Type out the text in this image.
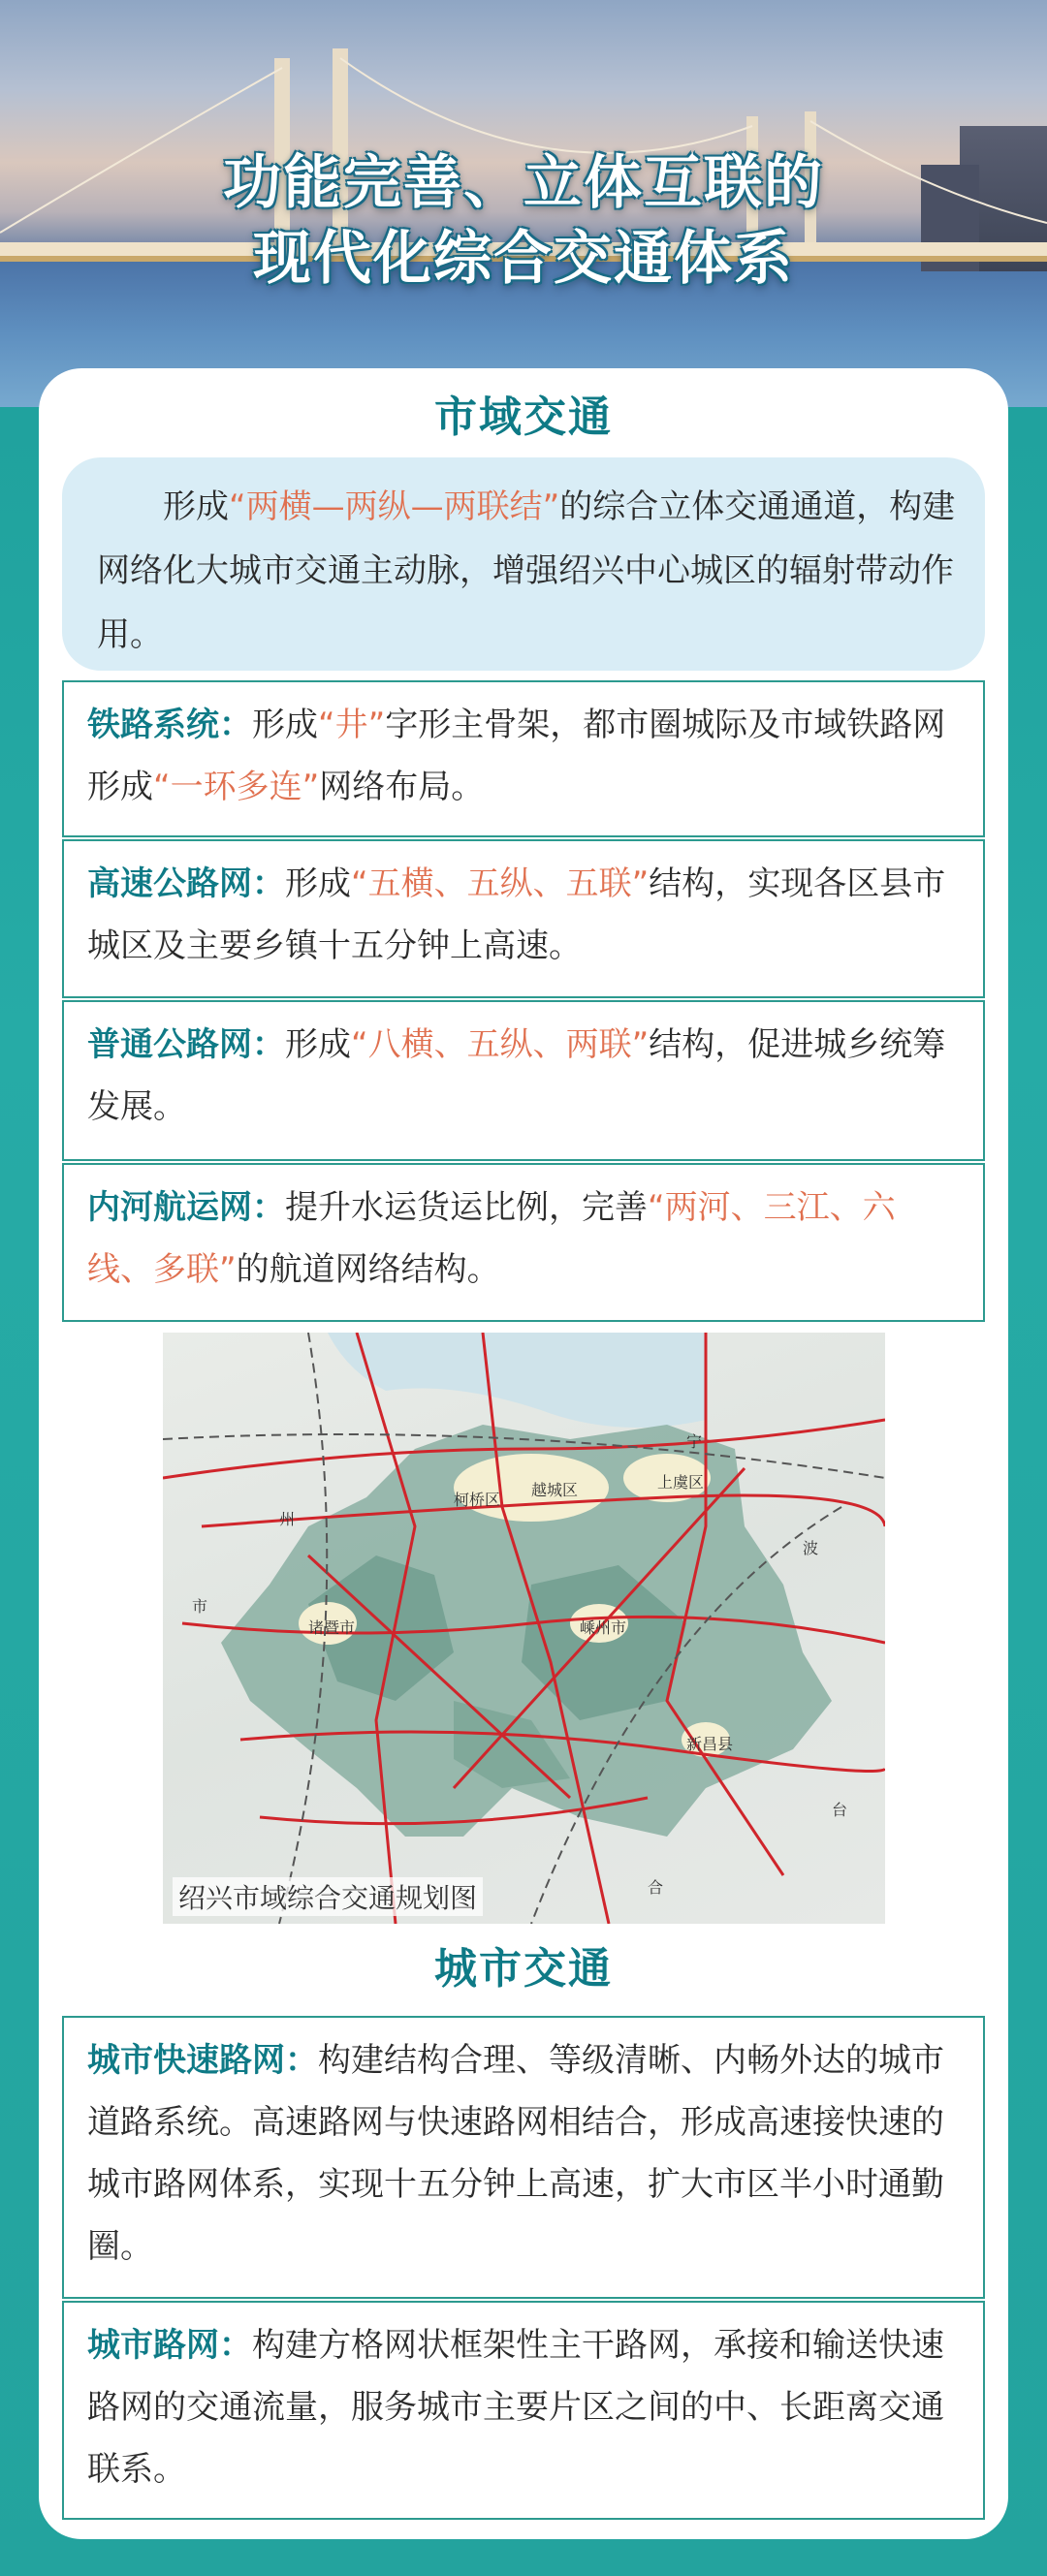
功能完善、立体互联的
现代化综合交通体系
市域交通
形成“两横—两纵—两联结”的综合立体交通通道，构建网络化大城市交通主动脉，增强绍兴中心城区的辐射带动作用。
铁路系统：形成“井”字形主骨架，都市圈城际及市域铁路网形成“一环多连”网络布局。
高速公路网：形成“五横、五纵、五联”结构，实现各区县市城区及主要乡镇十五分钟上高速。
普通公路网：形成“八横、五纵、两联”结构，促进城乡统筹发展。
内河航运网：提升水运货运比例，完善“两河、三江、六线、多联”的航道网络结构。
宁
波
州
市
台
合
诸暨市	嵊州市
新昌县
柯桥区
越城区	上虞区
绍兴市域综合交通规划图
城市交通
城市快速路网：构建结构合理、等级清晰、内畅外达的城市道路系统。高速路网与快速路网相结合，形成高速接快速的城市路网体系，实现十五分钟上高速，扩大市区半小时通勤圈。
城市路网：构建方格网状框架性主干路网，承接和输送快速路网的交通流量，服务城市主要片区之间的中、长距离交通联系。
